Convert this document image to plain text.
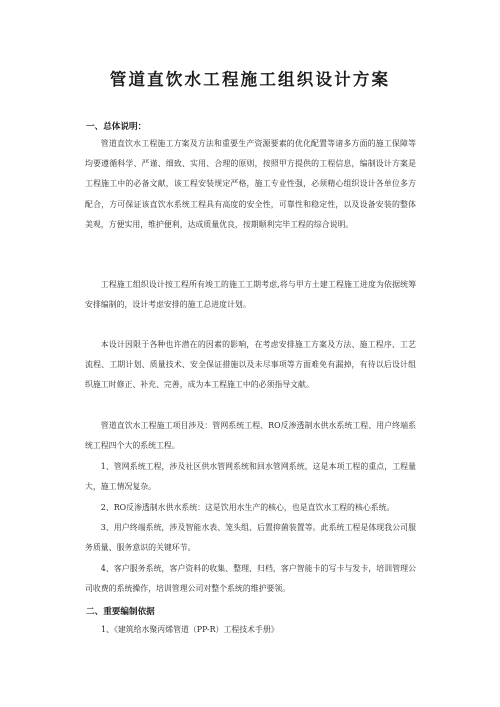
管道直饮水工程施工组织设计方案
一、总体说明：

管道直饮水工程施工方案及方法和重要生产资源要素的优化配置等诸多方面的施工保障等均要遵循科学、严谨、细致、实用、合理的原则，按照甲方提供的工程信息，编制设计方案是工程施工中的必备文献，该工程安装规定严格，施工专业性强，必须精心组织设计各单位多方配合，方可保证该直饮水系统工程具有高度的安全性，可靠性和稳定性，以及设备安装的整体美观，方便实用，维护便利，达成质量优良，按期顺利完毕工程的综合说明。

工程施工组织设计按工程所有竣工的施工工期考虑,将与甲方土建工程施工进度为依据统筹安排编制的，设计考虑安排的施工总进度计划。

本设计因限于各种也许潜在的因素的影响，在考虑安排施工方案及方法、施工程序、工艺流程、工期计划、质量技术、安全保证措施以及未尽事项等方面难免有漏掉，有待以后设计组织施工时修正、补充、完善，成为本工程施工中的必须指导文献。

管道直饮水工程施工项目涉及：管网系统工程、RO反渗透制水供水系统工程、用户终端系统工程四个大的系统工程。

1、管网系统工程，涉及社区供水管网系统和回水管网系统，这是本项工程的重点，工程量大，施工情况复杂。

2、RO反渗透制水供水系统：这是饮用水生产的核心，也是直饮水工程的核心系统。

3、用户终端系统，涉及智能水表、笼头组、后置抑菌装置等。此系统工程是体现我公司服务质量、服务意识的关键环节。

4、客户服务系统，客户资料的收集、整理、归档，客户智能卡的写卡与发卡，培训管理公司收费的系统操作，培训管理公司对整个系统的维护要领。

二、重要编制依据

1、《建筑给水聚丙烯管道（PP-R）工程技术手册》
